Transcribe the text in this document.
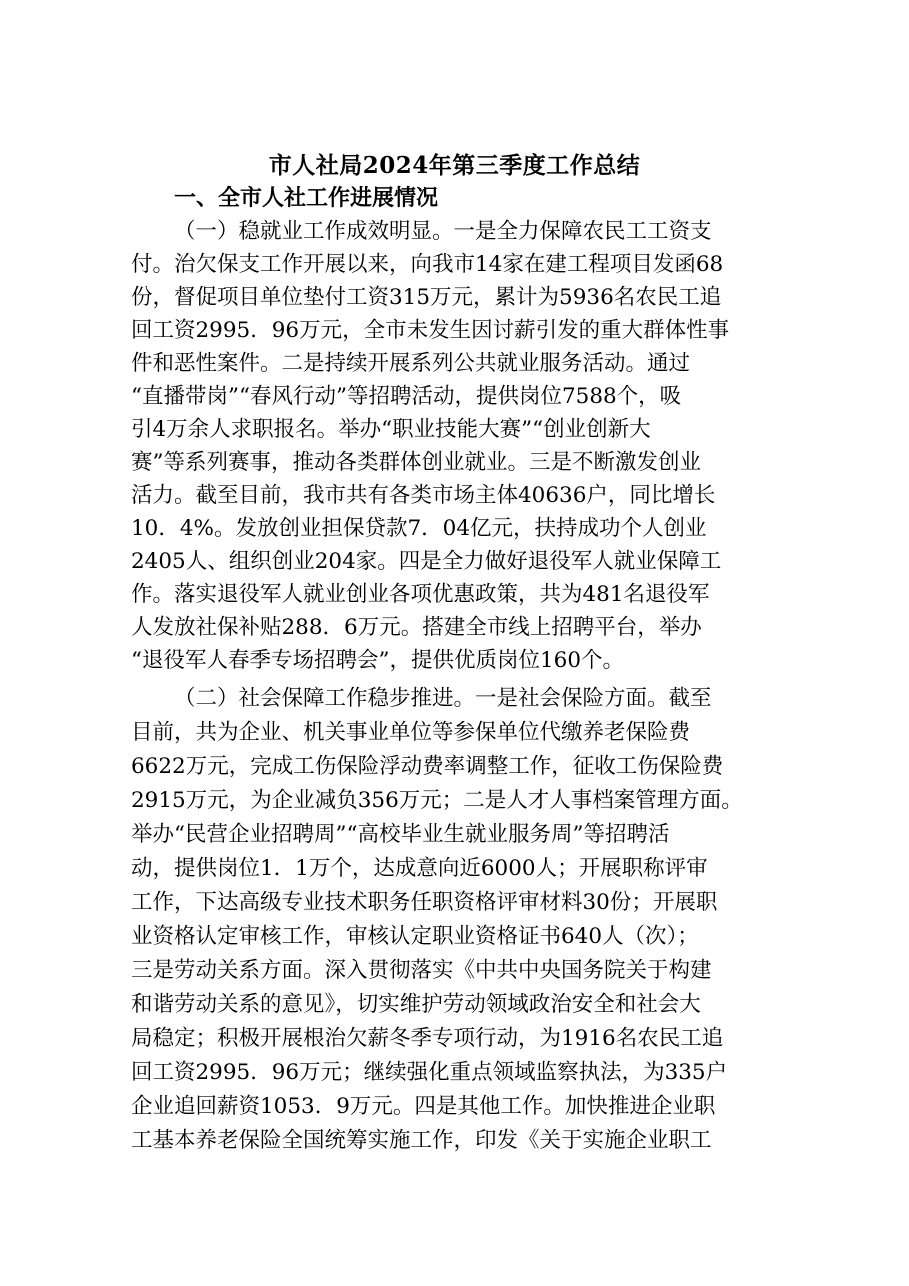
市人社局2024年第三季度工作总结
一、全市人社工作进展情况
（一）稳就业工作成效明显。一是全力保障农民工工资支
付。治欠保支工作开展以来，向我市14家在建工程项目发函68
份，督促项目单位垫付工资315万元，累计为5936名农民工追
回工资2995．96万元，全市未发生因讨薪引发的重大群体性事
件和恶性案件。二是持续开展系列公共就业服务活动。通过
“直播带岗”“春风行动”等招聘活动，提供岗位7588个，吸
引4万余人求职报名。举办“职业技能大赛”“创业创新大
赛”等系列赛事，推动各类群体创业就业。三是不断激发创业
活力。截至目前，我市共有各类市场主体40636户，同比增长
10．4%。发放创业担保贷款7．04亿元，扶持成功个人创业
2405人、组织创业204家。四是全力做好退役军人就业保障工
作。落实退役军人就业创业各项优惠政策，共为481名退役军
人发放社保补贴288．6万元。搭建全市线上招聘平台，举办
“退役军人春季专场招聘会”，提供优质岗位160个。
（二）社会保障工作稳步推进。一是社会保险方面。截至
目前，共为企业、机关事业单位等参保单位代缴养老保险费
6622万元，完成工伤保险浮动费率调整工作，征收工伤保险费
2915万元，为企业减负356万元；二是人才人事档案管理方面。
举办“民营企业招聘周”“高校毕业生就业服务周”等招聘活
动，提供岗位1．1万个，达成意向近6000人；开展职称评审
工作，下达高级专业技术职务任职资格评审材料30份；开展职
业资格认定审核工作，审核认定职业资格证书640人（次）；
三是劳动关系方面。深入贯彻落实《中共中央国务院关于构建
和谐劳动关系的意见》，切实维护劳动领域政治安全和社会大
局稳定；积极开展根治欠薪冬季专项行动，为1916名农民工追
回工资2995．96万元；继续强化重点领域监察执法，为335户
企业追回薪资1053．9万元。四是其他工作。加快推进企业职
工基本养老保险全国统筹实施工作，印发《关于实施企业职工
